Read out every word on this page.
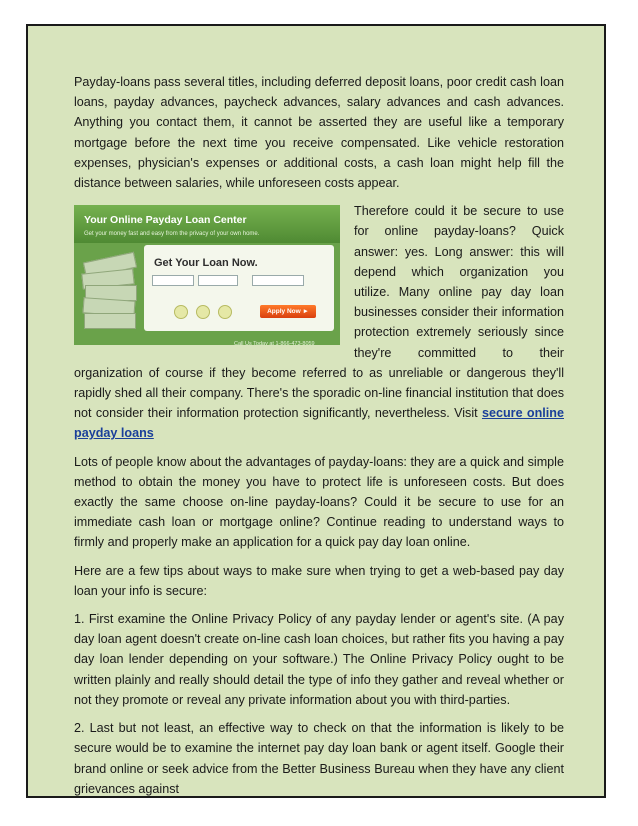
Payday-loans pass several titles, including deferred deposit loans, poor credit cash loan loans, payday advances, paycheck advances, salary advances and cash advances. Anything you contact them, it cannot be asserted they are useful like a temporary mortgage before the next time you receive compensated. Like vehicle restoration expenses, physician's expenses or additional costs, a cash loan might help fill the distance between salaries, while unforeseen costs appear.

Your Online Payday Loan Center
Get your money fast and easy from the privacy of your own home.
Get Your Loan Now.
Apply Now ►
Call Us Today at 1-866-473-8059

Therefore could it be secure to use for online payday-loans? Quick answer: yes. Long answer: this will depend which organization you utilize. Many online pay day loan businesses consider their information protection extremely seriously since they're committed to their organization of course if they become referred to as unreliable or dangerous they'll rapidly shed all their company. There's the sporadic on-line financial institution that does not consider their information protection significantly, nevertheless. Visit secure online payday loans

Lots of people know about the advantages of payday-loans: they are a quick and simple method to obtain the money you have to protect life is unforeseen costs. But does exactly the same choose on-line payday-loans? Could it be secure to use for an immediate cash loan or mortgage online? Continue reading to understand ways to firmly and properly make an application for a quick pay day loan online.

Here are a few tips about ways to make sure when trying to get a web-based pay day loan your info is secure:

1. First examine the Online Privacy Policy of any payday lender or agent's site. (A pay day loan agent doesn't create on-line cash loan choices, but rather fits you having a pay day loan lender depending on your software.) The Online Privacy Policy ought to be written plainly and really should detail the type of info they gather and reveal whether or not they promote or reveal any private information about you with third-parties.

2. Last but not least, an effective way to check on that the information is likely to be secure would be to examine the internet pay day loan bank or agent itself. Google their brand online or seek advice from the Better Business Bureau when they have any client grievances against
